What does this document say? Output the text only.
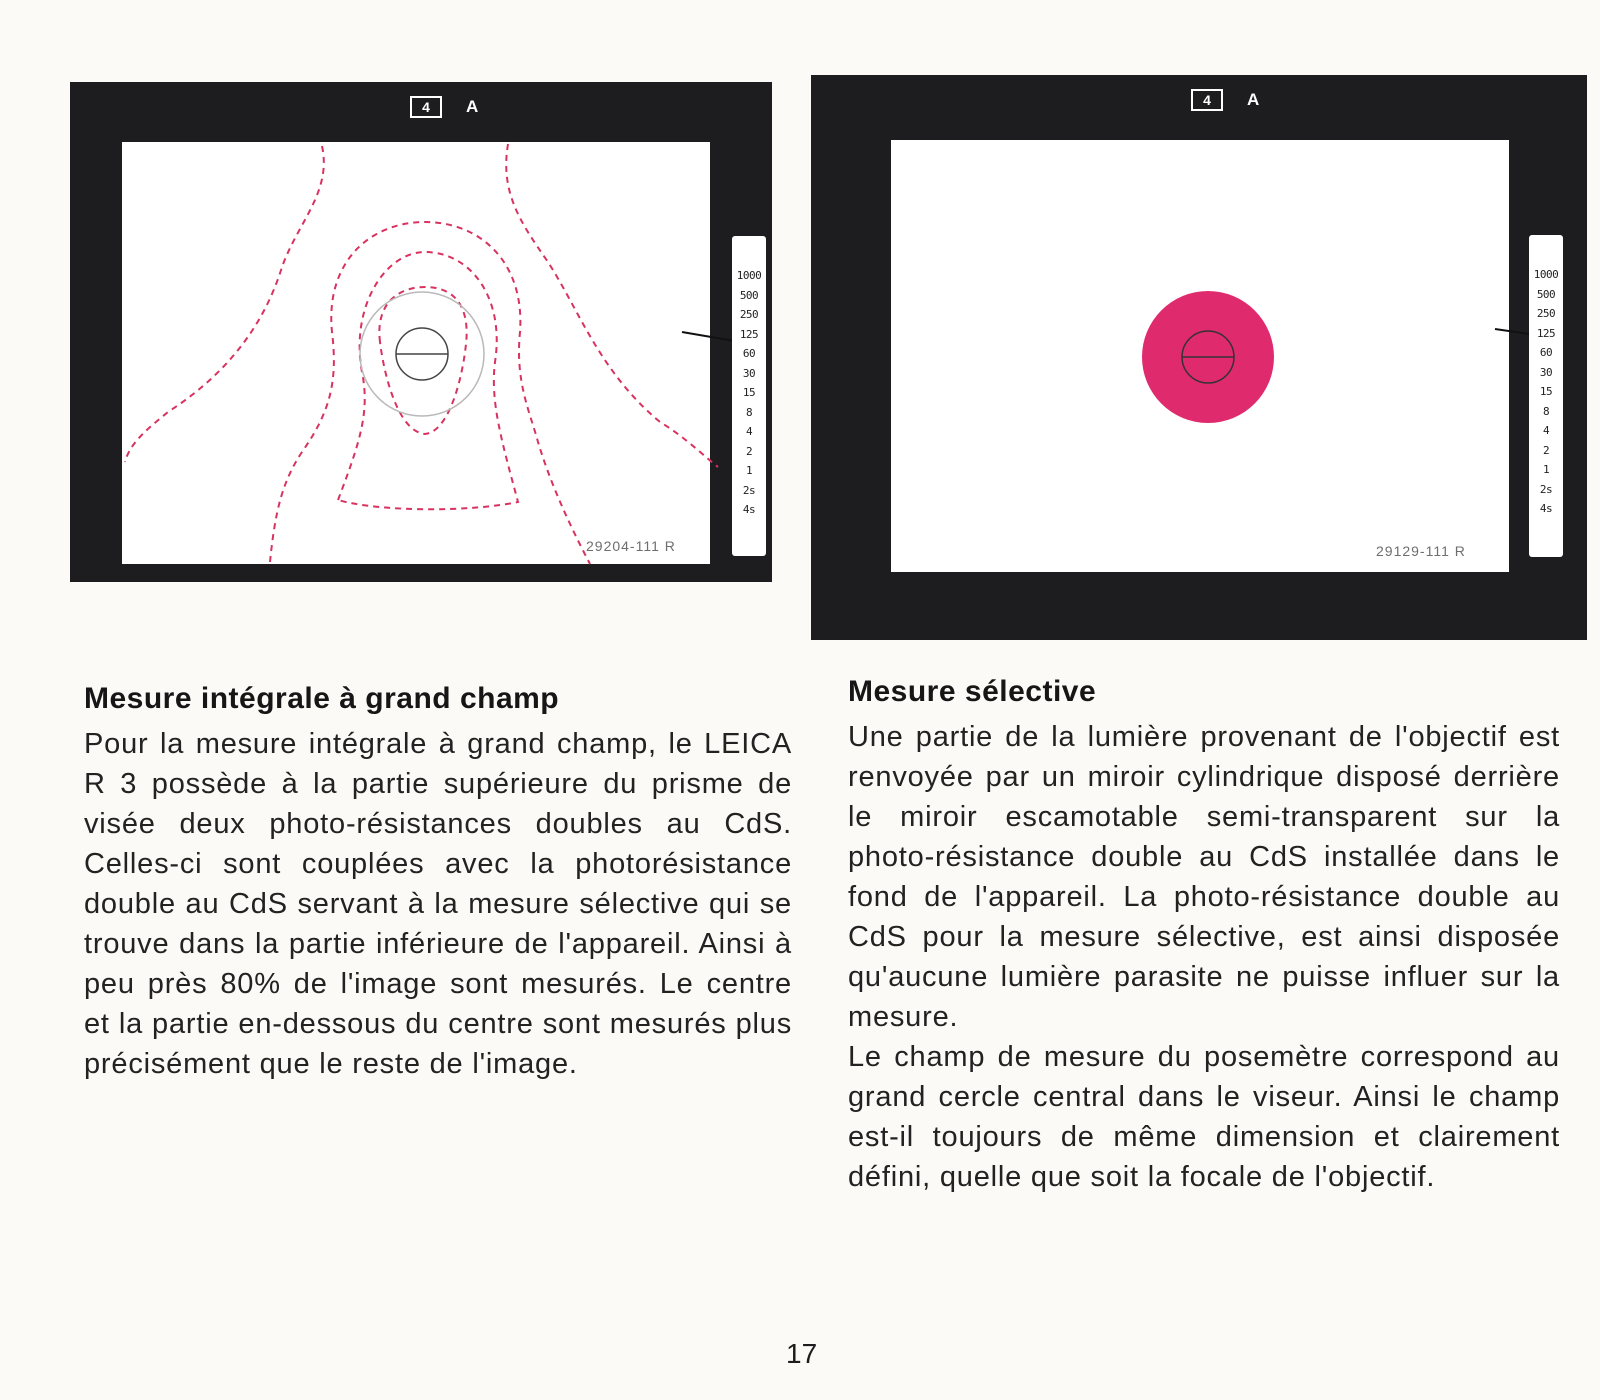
4	A
1000
500
250
125
60
30
15
8
4
2
1
2s
4s
29204-111 R
4	A
1000
500
250
125
60
30
15
8
4
2
1
2s
4s
29129-111 R
Mesure intégrale à grand champ

Pour la mesure intégrale à grand champ, le LEICA R 3 possède à la partie supérieure du prisme de visée deux photo-résistances doubles au CdS. Celles-ci sont couplées avec la photorésistance double au CdS servant à la mesure sélective qui se trouve dans la partie inférieure de l'appareil. Ainsi à peu près 80% de l'image sont mesurés. Le centre et la partie en-dessous du centre sont mesurés plus précisément que le reste de l'image.

Mesure sélective

Une partie de la lumière provenant de l'objectif est renvoyée par un miroir cylindrique disposé derrière le miroir escamotable semi-transparent sur la photo-résistance double au CdS installée dans le fond de l'appareil. La photo-résistance double au CdS pour la mesure sélective, est ainsi disposée qu'aucune lumière parasite ne puisse influer sur la mesure.

Le champ de mesure du posemètre correspond au grand cercle central dans le viseur. Ainsi le champ est-il toujours de même dimension et clairement défini, quelle que soit la focale de l'objectif.

17
